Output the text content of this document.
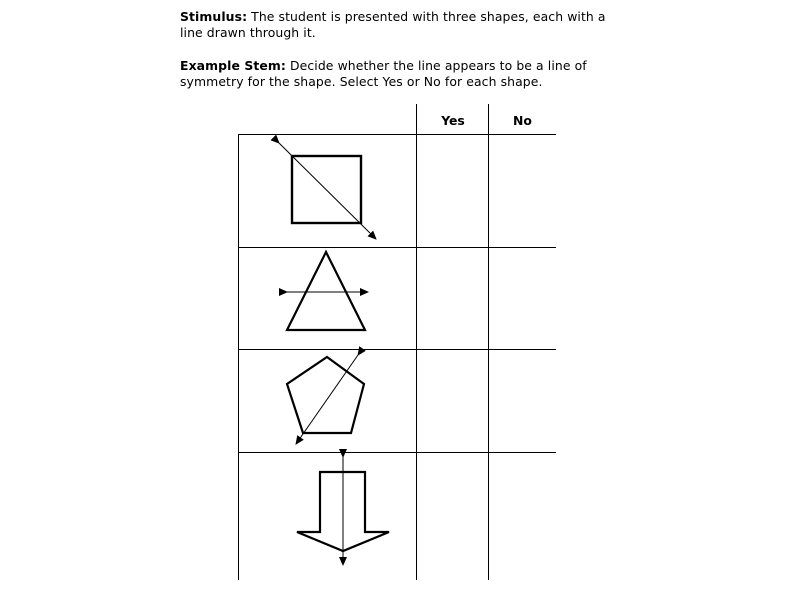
Stimulus: The student is presented with three shapes, each with a line drawn through it.

Example Stem: Decide whether the line appears to be a line of symmetry for the shape. Select Yes or No for each shape.

Yes	No
